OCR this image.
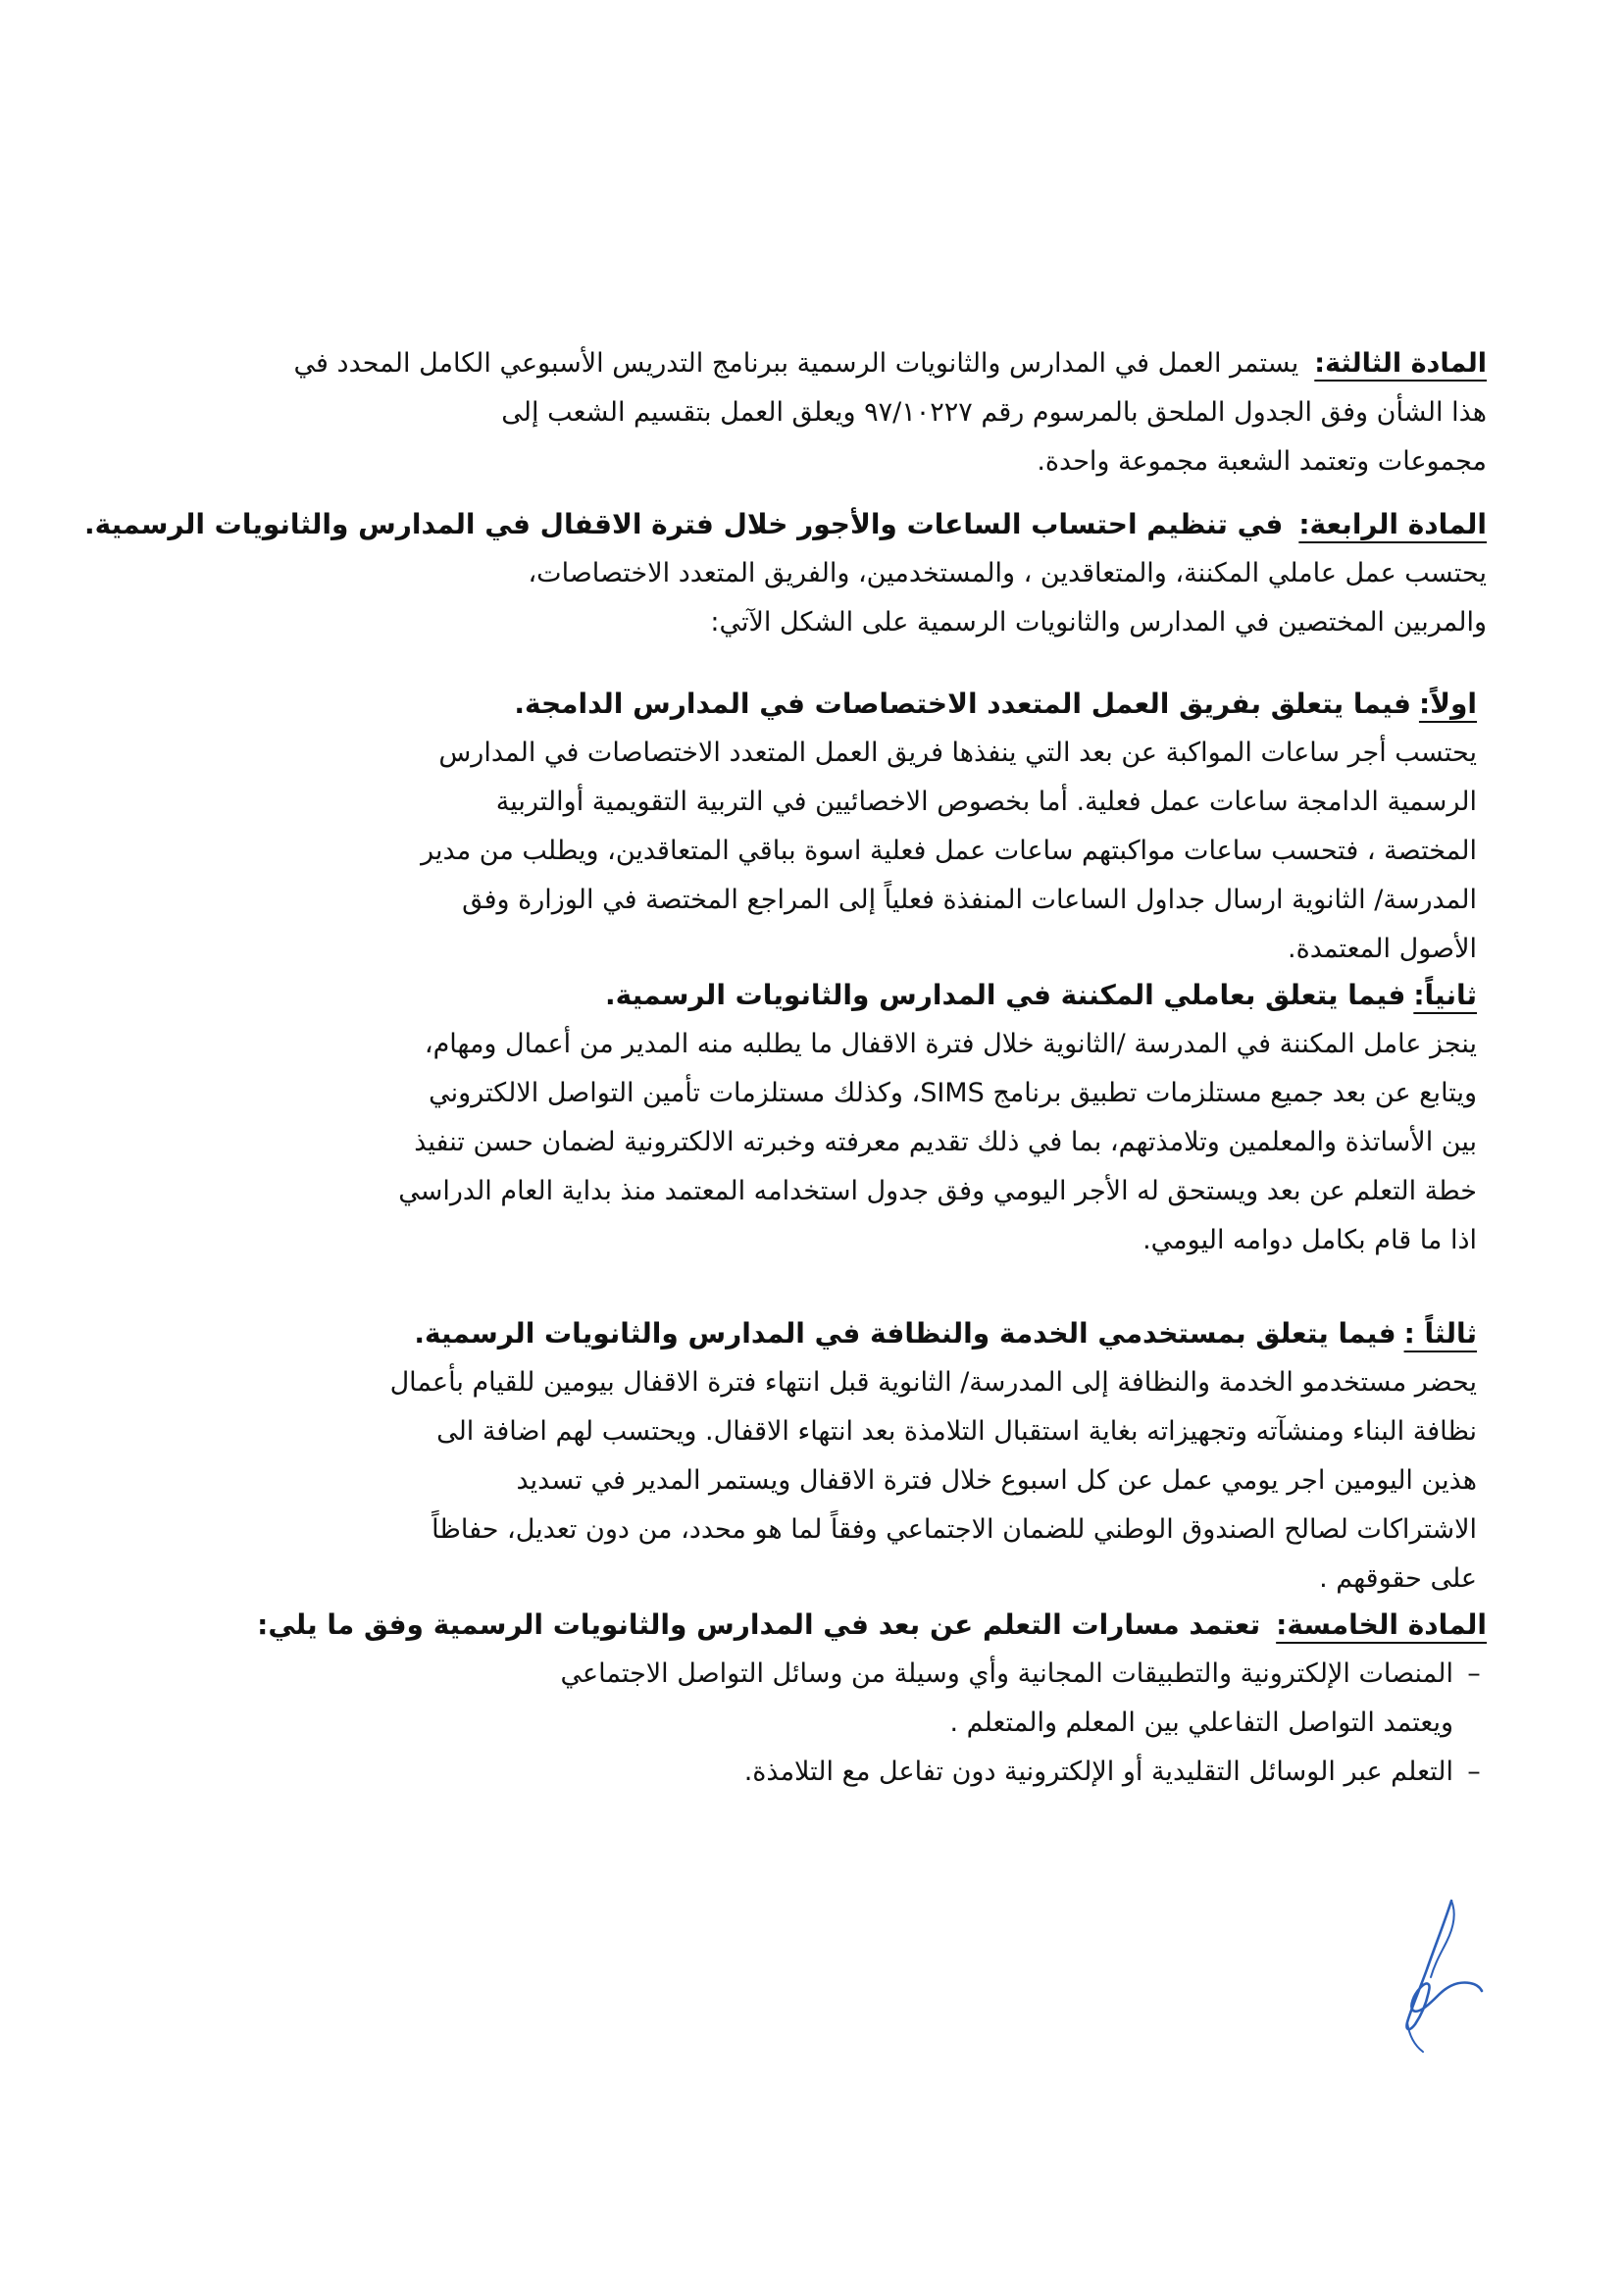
المادة الثالثة:يستمر العمل في المدارس والثانويات الرسمية ببرنامج التدريس الأسبوعي الكامل المحدد في
هذا الشأن وفق الجدول الملحق بالمرسوم رقم ٩٧/١٠٢٢٧ ويعلق العمل بتقسيم الشعب إلى
مجموعات وتعتمد الشعبة مجموعة واحدة.
المادة الرابعة:في تنظيم احتساب الساعات والأجور خلال فترة الاقفال في المدارس والثانويات الرسمية.
يحتسب عمل عاملي المكننة، والمتعاقدين ، والمستخدمين، والفريق المتعدد الاختصاصات،
والمربين المختصين في المدارس والثانويات الرسمية على الشكل الآتي:
اولاً:فيما يتعلق بفريق العمل المتعدد الاختصاصات في المدارس الدامجة.
يحتسب أجر ساعات المواكبة عن بعد التي ينفذها فريق العمل المتعدد الاختصاصات في المدارس
الرسمية الدامجة ساعات عمل فعلية. أما بخصوص الاخصائيين في التربية التقويمية أوالتربية
المختصة ، فتحسب ساعات مواكبتهم ساعات عمل فعلية اسوة بباقي المتعاقدين، ويطلب من مدير
المدرسة/ الثانوية ارسال جداول الساعات المنفذة فعلياً إلى المراجع المختصة في الوزارة وفق
الأصول المعتمدة.
ثانياً:فيما يتعلق بعاملي المكننة في المدارس والثانويات الرسمية.
ينجز عامل المكننة في المدرسة /الثانوية خلال فترة الاقفال ما يطلبه منه المدير من أعمال ومهام،
ويتابع عن بعد جميع مستلزمات تطبيق برنامج SIMS، وكذلك مستلزمات تأمين التواصل الالكتروني
بين الأساتذة والمعلمين وتلامذتهم، بما في ذلك تقديم معرفته وخبرته الالكترونية لضمان حسن تنفيذ
خطة التعلم عن بعد ويستحق له الأجر اليومي وفق جدول استخدامه المعتمد منذ بداية العام الدراسي
اذا ما قام بكامل دوامه اليومي.
ثالثاً :فيما يتعلق بمستخدمي الخدمة والنظافة في المدارس والثانويات الرسمية.
يحضر مستخدمو الخدمة والنظافة إلى المدرسة/ الثانوية قبل انتهاء فترة الاقفال بيومين للقيام بأعمال
نظافة البناء ومنشآته وتجهيزاته بغاية استقبال التلامذة بعد انتهاء الاقفال. ويحتسب لهم اضافة الى
هذين اليومين اجر يومي عمل عن كل اسبوع خلال فترة الاقفال ويستمر المدير في تسديد
الاشتراكات لصالح الصندوق الوطني للضمان الاجتماعي وفقاً لما هو محدد، من دون تعديل، حفاظاً
على حقوقهم .
المادة الخامسة:تعتمد مسارات التعلم عن بعد في المدارس والثانويات الرسمية وفق ما يلي:
–المنصات الإلكترونية والتطبيقات المجانية وأي وسيلة من وسائل التواصل الاجتماعي
ويعتمد التواصل التفاعلي بين المعلم والمتعلم .
–التعلم عبر الوسائل التقليدية أو الإلكترونية دون تفاعل مع التلامذة.
